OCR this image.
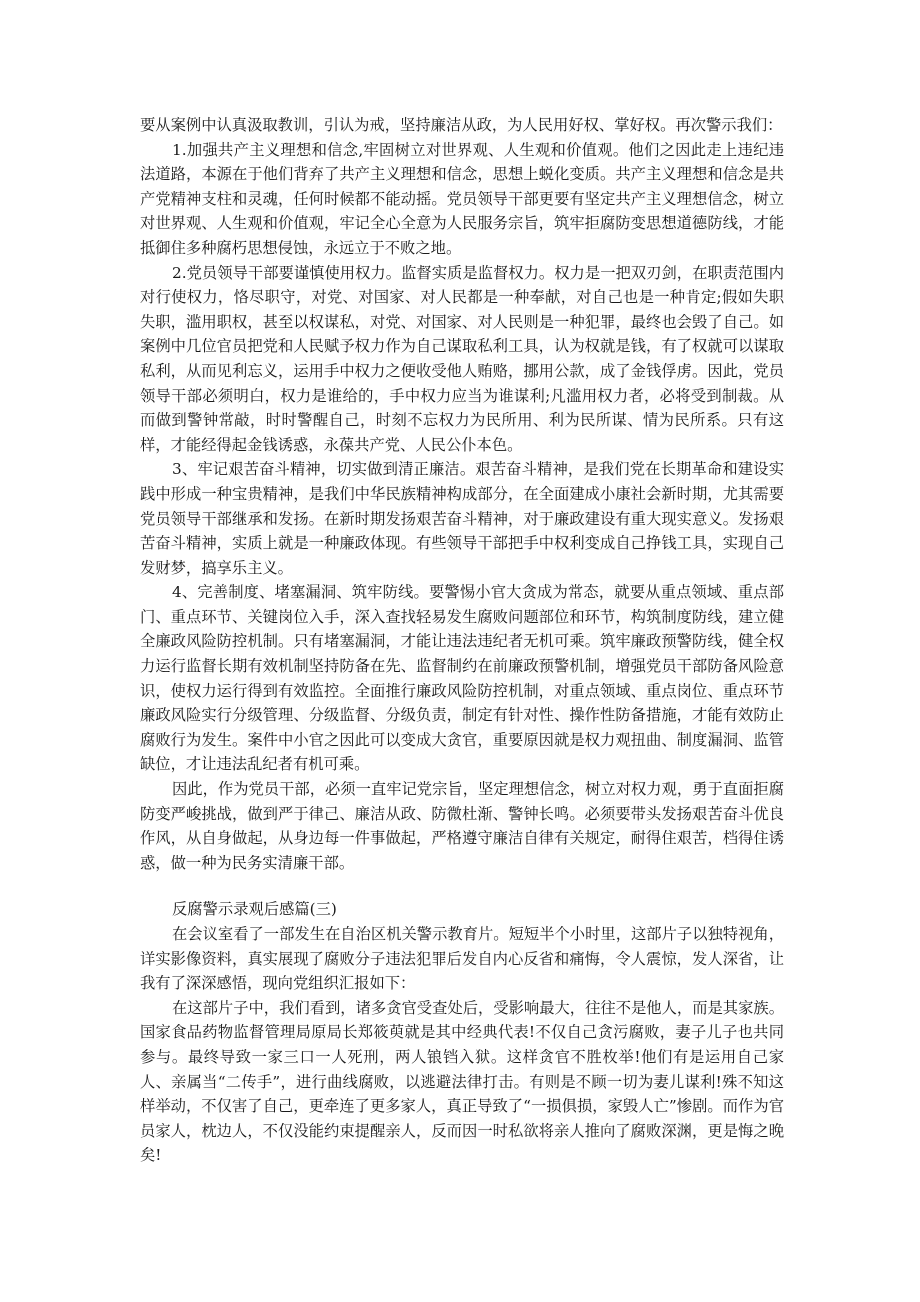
要从案例中认真汲取教训，引认为戒，坚持廉洁从政，为人民用好权、掌好权。再次警示我们：

1.加强共产主义理想和信念,牢固树立对世界观、人生观和价值观。他们之因此走上违纪违法道路，本源在于他们背弃了共产主义理想和信念，思想上蜕化变质。共产主义理想和信念是共产党精神支柱和灵魂，任何时候都不能动摇。党员领导干部更要有坚定共产主义理想信念，树立对世界观、人生观和价值观，牢记全心全意为人民服务宗旨，筑牢拒腐防变思想道德防线，才能抵御住多种腐朽思想侵蚀，永远立于不败之地。

2.党员领导干部要谨慎使用权力。监督实质是监督权力。权力是一把双刃剑，在职责范围内对行使权力，恪尽职守，对党、对国家、对人民都是一种奉献，对自己也是一种肯定;假如失职失职，滥用职权，甚至以权谋私，对党、对国家、对人民则是一种犯罪，最终也会毁了自己。如案例中几位官员把党和人民赋予权力作为自己谋取私利工具，认为权就是钱，有了权就可以谋取私利，从而见利忘义，运用手中权力之便收受他人贿赂，挪用公款，成了金钱俘虏。因此，党员领导干部必须明白，权力是谁给的，手中权力应当为谁谋利;凡滥用权力者，必将受到制裁。从而做到警钟常敲，时时警醒自己，时刻不忘权力为民所用、利为民所谋、情为民所系。只有这样，才能经得起金钱诱惑，永葆共产党、人民公仆本色。

3、牢记艰苦奋斗精神，切实做到清正廉洁。艰苦奋斗精神，是我们党在长期革命和建设实践中形成一种宝贵精神，是我们中华民族精神构成部分，在全面建成小康社会新时期，尤其需要党员领导干部继承和发扬。在新时期发扬艰苦奋斗精神，对于廉政建设有重大现实意义。发扬艰苦奋斗精神，实质上就是一种廉政体现。有些领导干部把手中权利变成自己挣钱工具，实现自己发财梦，搞享乐主义。

4、完善制度、堵塞漏洞、筑牢防线。要警惕小官大贪成为常态，就要从重点领域、重点部门、重点环节、关键岗位入手，深入查找轻易发生腐败问题部位和环节，构筑制度防线，建立健全廉政风险防控机制。只有堵塞漏洞，才能让违法违纪者无机可乘。筑牢廉政预警防线，健全权力运行监督长期有效机制坚持防备在先、监督制约在前廉政预警机制，增强党员干部防备风险意识，使权力运行得到有效监控。全面推行廉政风险防控机制，对重点领域、重点岗位、重点环节廉政风险实行分级管理、分级监督、分级负责，制定有针对性、操作性防备措施，才能有效防止腐败行为发生。案件中小官之因此可以变成大贪官，重要原因就是权力观扭曲、制度漏洞、监管缺位，才让违法乱纪者有机可乘。

因此，作为党员干部，必须一直牢记党宗旨，坚定理想信念，树立对权力观，勇于直面拒腐防变严峻挑战，做到严于律己、廉洁从政、防微杜渐、警钟长鸣。必须要带头发扬艰苦奋斗优良作风，从自身做起，从身边每一件事做起，严格遵守廉洁自律有关规定，耐得住艰苦，档得住诱惑，做一种为民务实清廉干部。

反腐警示录观后感篇(三)

在会议室看了一部发生在自治区机关警示教育片。短短半个小时里，这部片子以独特视角，详实影像资料，真实展现了腐败分子违法犯罪后发自内心反省和痛悔，令人震惊，发人深省，让我有了深深感悟，现向党组织汇报如下：

在这部片子中，我们看到，诸多贪官受查处后，受影响最大，往往不是他人，而是其家族。国家食品药物监督管理局原局长郑筱萸就是其中经典代表!不仅自己贪污腐败，妻子儿子也共同参与。最终导致一家三口一人死刑，两人锒铛入狱。这样贪官不胜枚举!他们有是运用自己家人、亲属当“二传手”，进行曲线腐败，以逃避法律打击。有则是不顾一切为妻儿谋利!殊不知这样举动，不仅害了自己，更牵连了更多家人，真正导致了“一损俱损，家毁人亡”惨剧。而作为官员家人，枕边人，不仅没能约束提醒亲人，反而因一时私欲将亲人推向了腐败深渊，更是悔之晚矣!
